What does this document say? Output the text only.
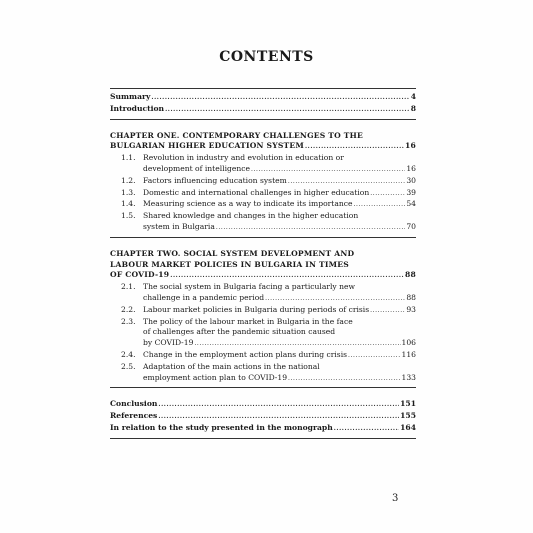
CONTENTS
Summary .....	4
Introduction .....	8
CHAPTER ONE. CONTEMPORARY CHALLENGES TO THE
BULGARIAN HIGHER EDUCATION SYSTEM .....	16
1.1. Revolution in industry and evolution in education or
development of intelligence .....	16
1.2. Factors influencing education system .....	30
1.3. Domestic and international challenges in higher education .....	39
1.4. Measuring science as a way to indicate its importance .....	54
1.5. Shared knowledge and changes in the higher education
system in Bulgaria .....	70
CHAPTER TWO. SOCIAL SYSTEM DEVELOPMENT AND
LABOUR MARKET POLICIES IN BULGARIA IN TIMES
OF COVID-19 .....	88
2.1. The social system in Bulgaria facing a particularly new
challenge in a pandemic period .....	88
2.2. Labour market policies in Bulgaria during periods of crisis .....	93
2.3. The policy of the labour market in Bulgaria in the face
of challenges after the pandemic situation caused
by COVID-19 .....	106
2.4. Change in the employment action plans during crisis .....	116
2.5. Adaptation of the main actions in the national
employment action plan to COVID-19 .....	133
Conclusion .....	151
References .....	155
In relation to the study presented in the monograph .....	164
3
